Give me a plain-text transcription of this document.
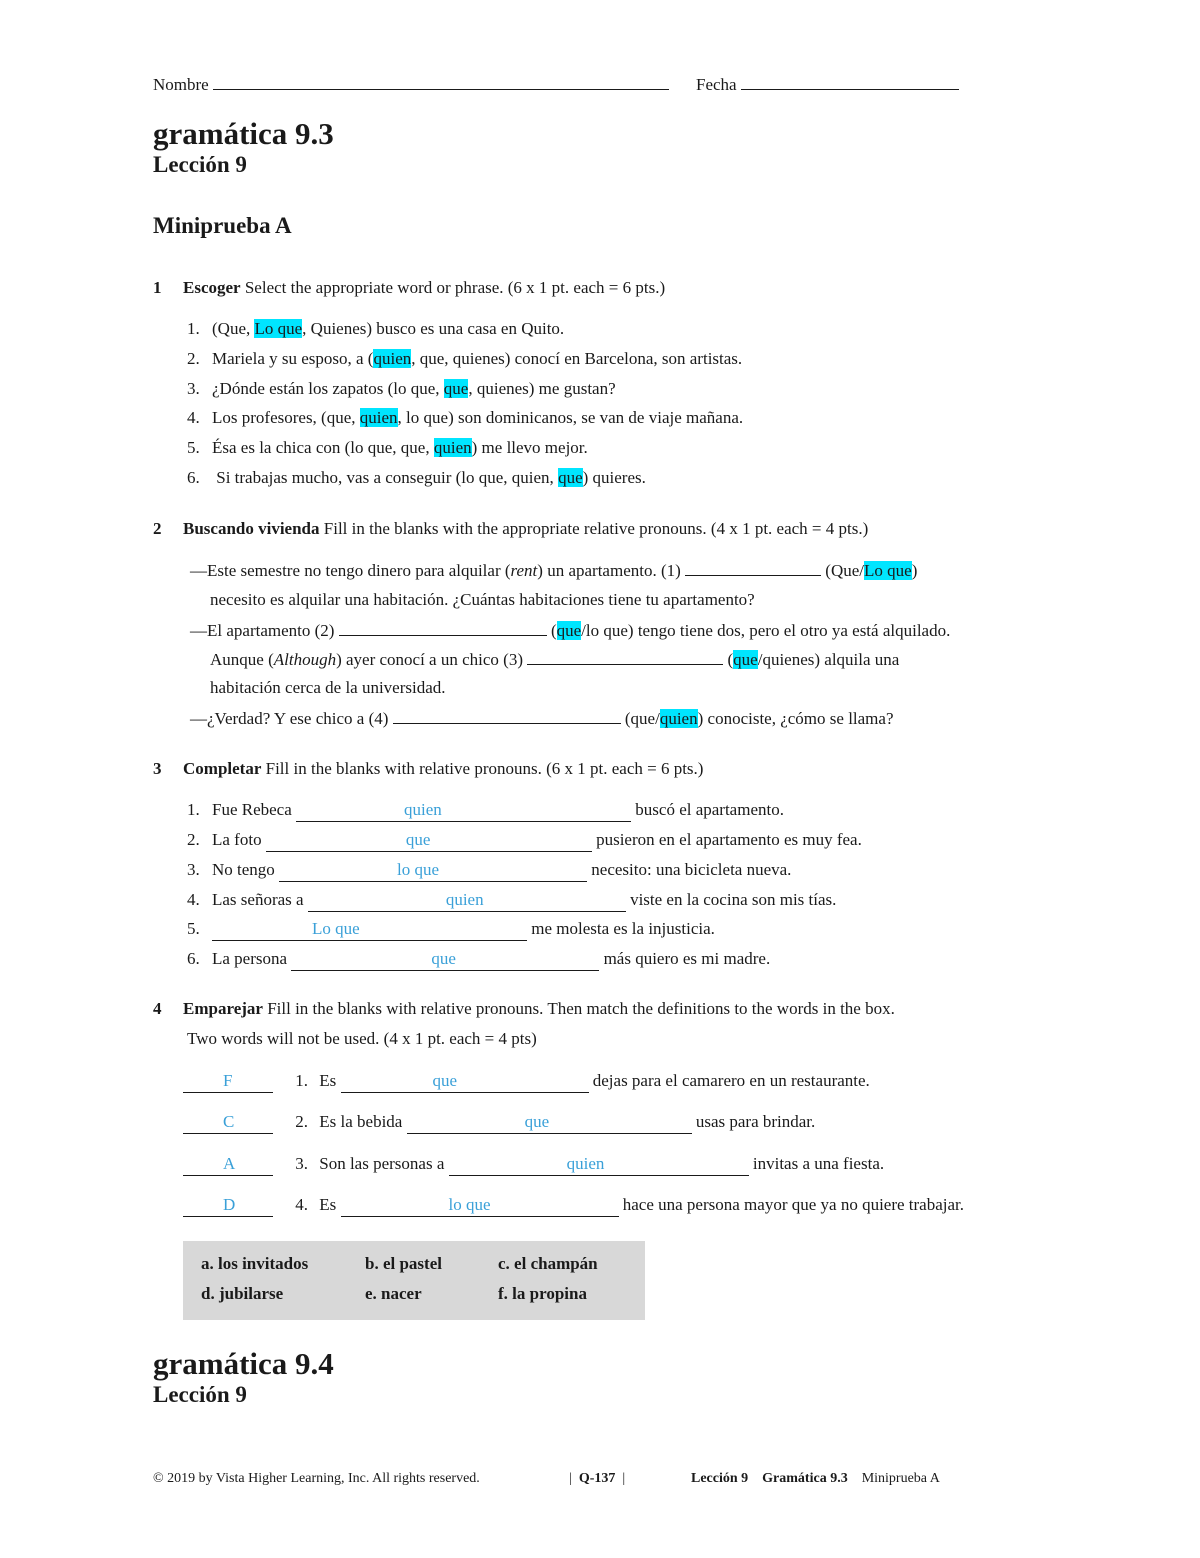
Nombre	Fecha
gramática 9.3
Lección 9
Miniprueba A
1 Escoger Select the appropriate word or phrase. (6 x 1 pt. each = 6 pts.)
1. (Que, Lo que, Quienes) busco es una casa en Quito.
2. Mariela y su esposo, a (quien, que, quienes) conocí en Barcelona, son artistas.
3. ¿Dónde están los zapatos (lo que, que, quienes) me gustan?
4. Los profesores, (que, quien, lo que) son dominicanos, se van de viaje mañana.
5. Ésa es la chica con (lo que, que, quien) me llevo mejor.
6. Si trabajas mucho, vas a conseguir (lo que, quien, que) quieres.
2 Buscando vivienda Fill in the blanks with the appropriate relative pronouns. (4 x 1 pt. each = 4 pts.)
—Este semestre no tengo dinero para alquilar (rent) un apartamento. (1)	(Que/Lo que)
necesito es alquilar una habitación. ¿Cuántas habitaciones tiene tu apartamento?
—El apartamento (2)	(que/lo que) tengo tiene dos, pero el otro ya está alquilado.
Aunque (Although) ayer conocí a un chico (3)	(que/quienes) alquila una
habitación cerca de la universidad.
—¿Verdad? Y ese chico a (4)	(que/quien) conociste, ¿cómo se llama?
3 Completar Fill in the blanks with relative pronouns. (6 x 1 pt. each = 6 pts.)
1. Fue Rebeca	quien	buscó el apartamento.
2. La foto	que	pusieron en el apartamento es muy fea.
3. No tengo	lo que	necesito: una bicicleta nueva.
4. Las señoras a	quien	viste en la cocina son mis tías.
5.	Lo que	me molesta es la injusticia.
6. La persona	que	más quiero es mi madre.
4 Emparejar Fill in the blanks with relative pronouns. Then match the definitions to the words in the box.
Two words will not be used. (4 x 1 pt. each = 4 pts)
F	1. Es	que	dejas para el camarero en un restaurante.
C	2. Es la bebida	que	usas para brindar.
A	3. Son las personas a	quien	invitas a una fiesta.
D	4. Es	lo que	hace una persona mayor que ya no quiere trabajar.
a. los invitados	b. el pastel	c. el champán
d. jubilarse	e. nacer	f. la propina
gramática 9.4
Lección 9
© 2019 by Vista Higher Learning, Inc. All rights reserved.	| Q-137 |	Lección 9 Gramática 9.3 Miniprueba A
